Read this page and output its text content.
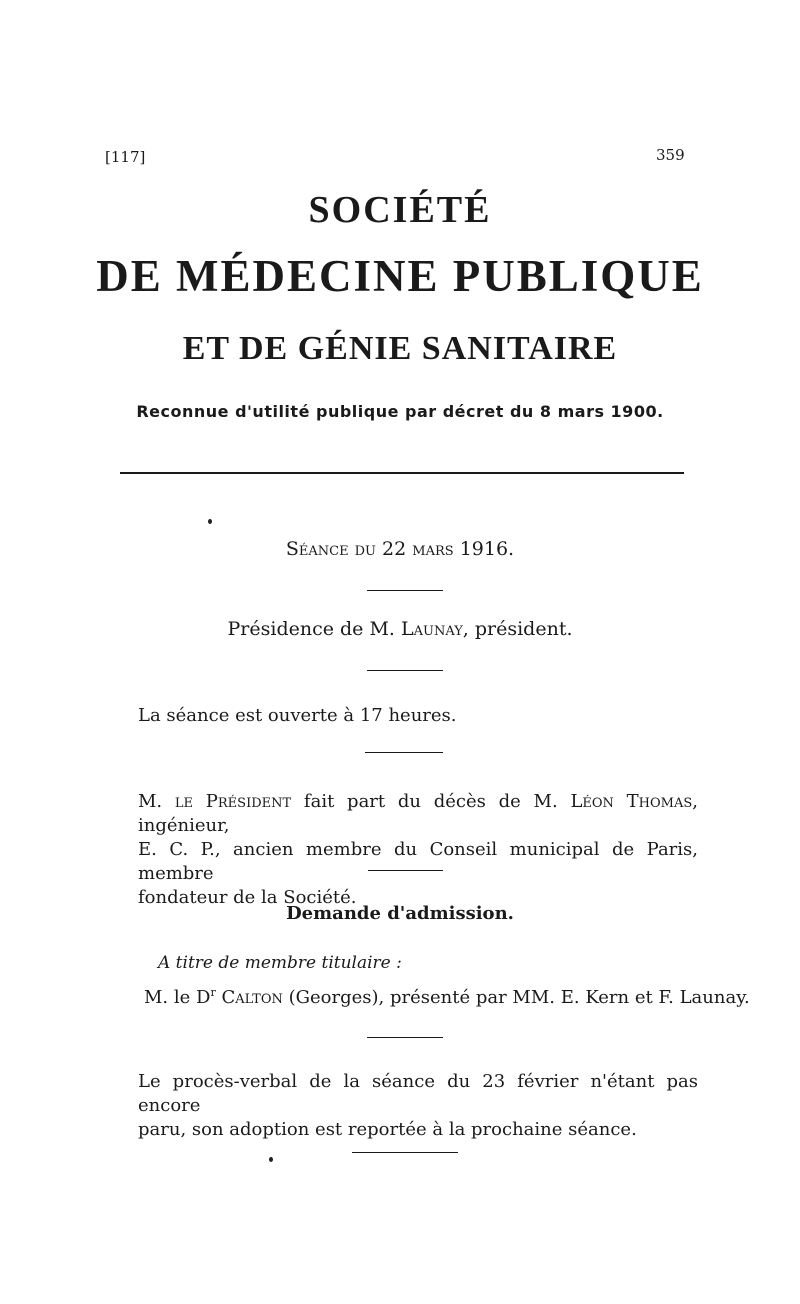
[117]	359
SOCIÉTÉ
DE MÉDECINE PUBLIQUE
ET DE GÉNIE SANITAIRE
Reconnue d'utilité publique par décret du 8 mars 1900.
Séance du 22 mars 1916.
Présidence de M. Launay, président.
La séance est ouverte à 17 heures.
M. le Président fait part du décès de M. Léon Thomas, ingénieur,
E. C. P., ancien membre du Conseil municipal de Paris, membre
fondateur de la Société.
Demande d'admission.
A titre de membre titulaire :
M. le $D^r$ Calton (Georges), présenté par MM. E. Kern et F. Launay.
Le procès-verbal de la séance du 23 février n'étant pas encore
paru, son adoption est reportée à la prochaine séance.
